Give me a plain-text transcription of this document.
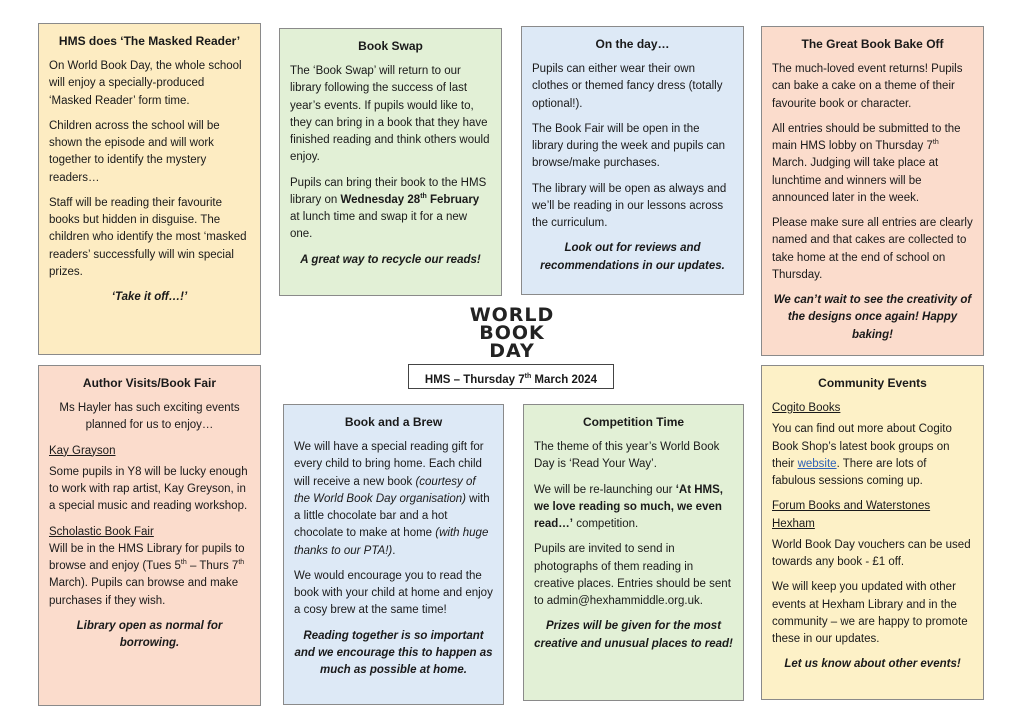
HMS does ‘The Masked Reader’

On World Book Day, the whole school will enjoy a specially-produced ‘Masked Reader’ form time.

Children across the school will be shown the episode and will work together to identify the mystery readers…

Staff will be reading their favourite books but hidden in disguise. The children who identify the most ‘masked readers’ successfully will win special prizes.

‘Take it off…!’

Book Swap

The ‘Book Swap’ will return to our library following the success of last year’s events. If pupils would like to, they can bring in a book that they have finished reading and think others would enjoy.

Pupils can bring their book to the HMS library on Wednesday 28th February at lunch time and swap it for a new one.

A great way to recycle our reads!

On the day…

Pupils can either wear their own clothes or themed fancy dress (totally optional!).

The Book Fair will be open in the library during the week and pupils can browse/make purchases.

The library will be open as always and we’ll be reading in our lessons across the curriculum.

Look out for reviews and recommendations in our updates.

The Great Book Bake Off

The much-loved event returns! Pupils can bake a cake on a theme of their favourite book or character.

All entries should be submitted to the main HMS lobby on Thursday 7th March. Judging will take place at lunchtime and winners will be announced later in the week.

Please make sure all entries are clearly named and that cakes are collected to take home at the end of school on Thursday.

We can’t wait to see the creativity of the designs once again! Happy baking!

WORLD
BOOK
DAY
HMS – Thursday 7th March 2024
Author Visits/Book Fair

Ms Hayler has such exciting events planned for us to enjoy…

Kay Grayson

Some pupils in Y8 will be lucky enough to work with rap artist, Kay Greyson, in a special music and reading workshop.

Scholastic Book Fair

Will be in the HMS Library for pupils to browse and enjoy (Tues 5th – Thurs 7th March). Pupils can browse and make purchases if they wish.

Library open as normal for borrowing.

Book and a Brew

We will have a special reading gift for every child to bring home. Each child will receive a new book (courtesy of the World Book Day organisation) with a little chocolate bar and a hot chocolate to make at home (with huge thanks to our PTA!).

We would encourage you to read the book with your child at home and enjoy a cosy brew at the same time!

Reading together is so important and we encourage this to happen as much as possible at home.

Competition Time

The theme of this year’s World Book Day is ‘Read Your Way’.

We will be re-launching our ‘At HMS, we love reading so much, we even read…’ competition.

Pupils are invited to send in photographs of them reading in creative places. Entries should be sent to admin@hexhammiddle.org.uk.

Prizes will be given for the most creative and unusual places to read!

Community Events

Cogito Books

You can find out more about Cogito Book Shop’s latest book groups on their website. There are lots of fabulous sessions coming up.

Forum Books and Waterstones Hexham

World Book Day vouchers can be used towards any book - £1 off.

We will keep you updated with other events at Hexham Library and in the community – we are happy to promote these in our updates.

Let us know about other events!
